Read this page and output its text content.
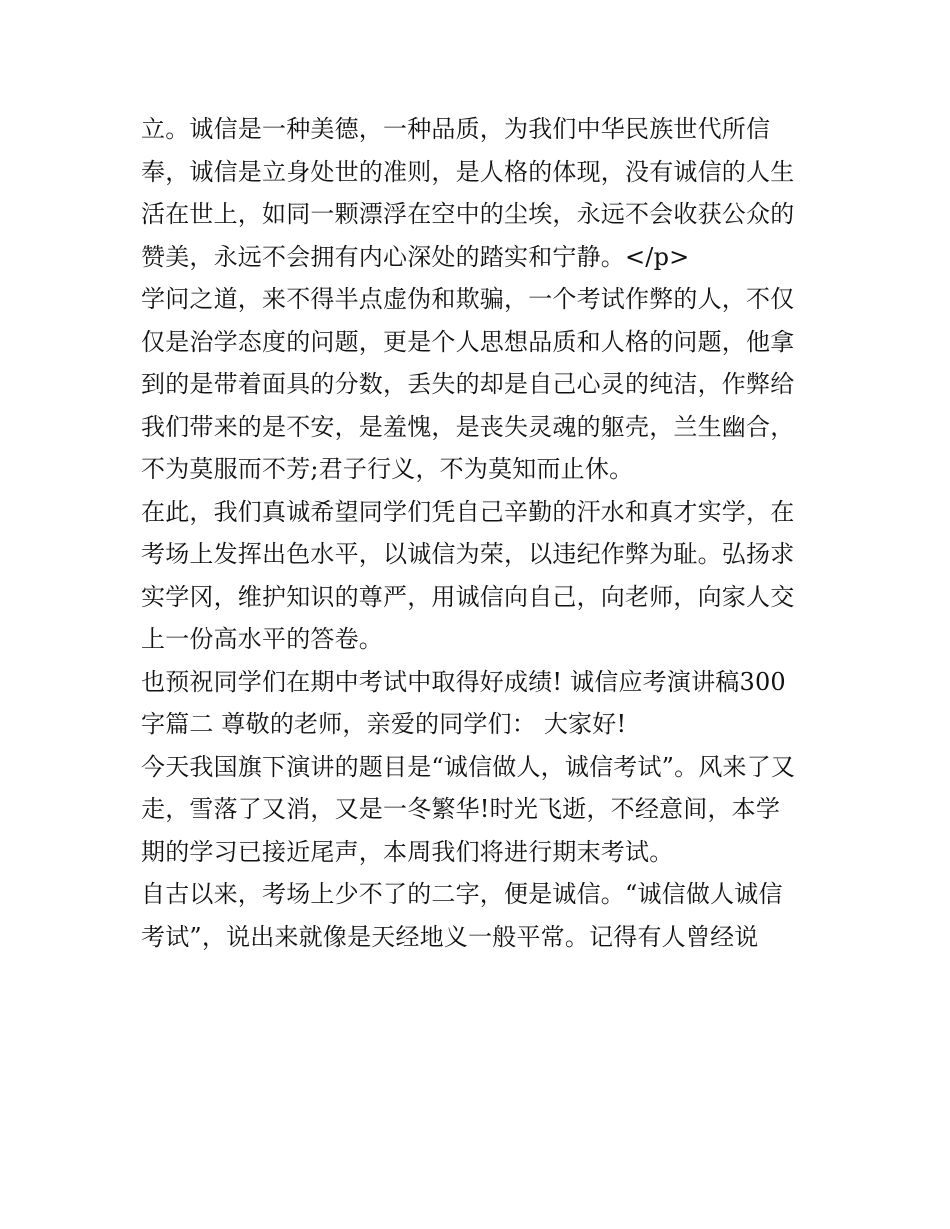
立。诚信是一种美德，一种品质，为我们中华民族世代所信
奉，诚信是立身处世的准则，是人格的体现，没有诚信的人生
活在世上，如同一颗漂浮在空中的尘埃，永远不会收获公众的
赞美，永远不会拥有内心深处的踏实和宁静。</p>
学问之道，来不得半点虚伪和欺骗，一个考试作弊的人，不仅
仅是治学态度的问题，更是个人思想品质和人格的问题，他拿
到的是带着面具的分数，丢失的却是自己心灵的纯洁，作弊给
我们带来的是不安，是羞愧，是丧失灵魂的躯壳，兰生幽合，
不为莫服而不芳;君子行义，不为莫知而止休。
在此，我们真诚希望同学们凭自己辛勤的汗水和真才实学，在
考场上发挥出色水平，以诚信为荣，以违纪作弊为耻。弘扬求
实学冈，维护知识的尊严，用诚信向自己，向老师，向家人交
上一份高水平的答卷。
也预祝同学们在期中考试中取得好成绩! 诚信应考演讲稿300
字篇二 尊敬的老师，亲爱的同学们： 大家好!
今天我国旗下演讲的题目是“诚信做人，诚信考试”。风来了又
走，雪落了又消，又是一冬繁华!时光飞逝，不经意间，本学
期的学习已接近尾声，本周我们将进行期末考试。
自古以来，考场上少不了的二字，便是诚信。“诚信做人诚信
考试”，说出来就像是天经地义一般平常。记得有人曾经说
